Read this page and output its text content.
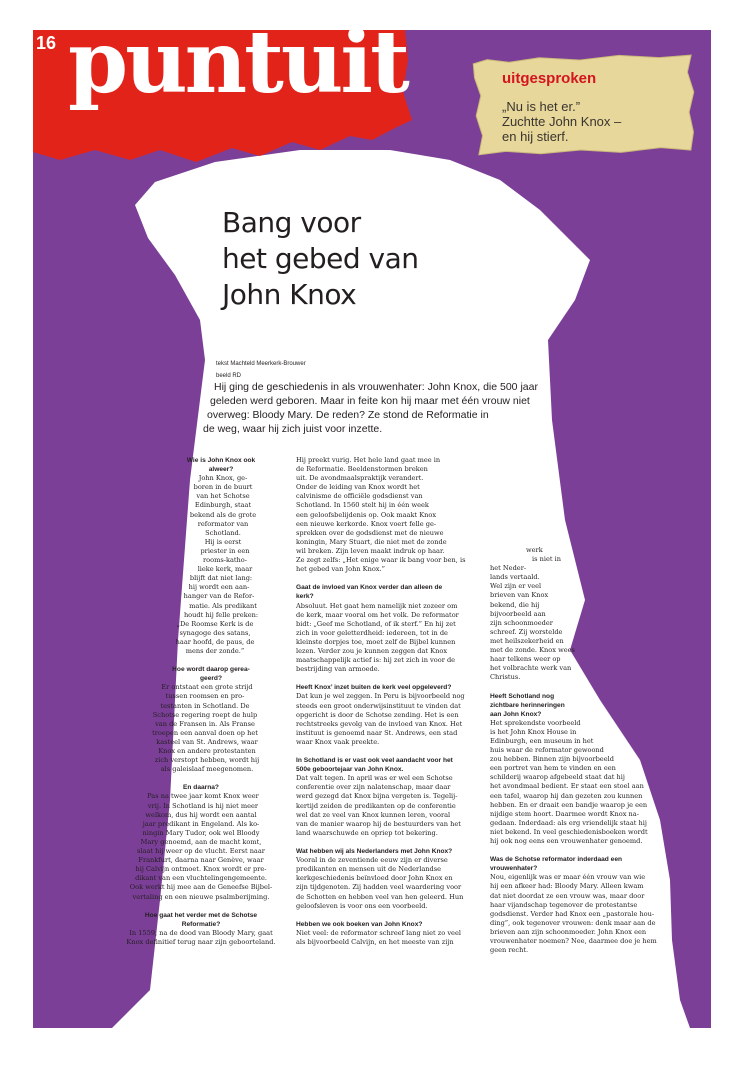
16 puntuit	uitgesproken
„Nu is het er.”
Zuchtte John Knox –
en hij stierf.
Bang voor
het gebed van
John Knox
tekst Machteld Meerkerk-Brouwer
beeld RD
Hij ging de geschiedenis in als vrouwenhater: John Knox, die 500 jaar
geleden werd geboren. Maar in feite kon hij maar met één vrouw niet
overweg: Bloody Mary. De reden? Ze stond de Reformatie in
de weg, waar hij zich juist voor inzette.
Wie is John Knox ook
alweer?
John Knox, ge-
boren in de buurt
van het Schotse
Edinburgh, staat
bekend als de grote
reformator van
Schotland.
Hij is eerst
priester in een
rooms-katho-
lieke kerk, maar
blijft dat niet lang:
hij wordt een aan-
hanger van de Refor-
matie. Als predikant
houdt hij felle preken:
„De Roomse Kerk is de
synagoge des satans,
haar hoofd, de paus, de
mens der zonde.”
Hoe wordt daarop gerea-
geerd?
Er ontstaat een grote strijd
tussen roomsen en pro-
testanten in Schotland. De
Schotse regering roept de hulp
van de Fransen in. Als Franse
troepen een aanval doen op het
kasteel van St. Andrews, waar
Knox en andere protestanten
zich verstopt hebben, wordt hij
als galeislaaf meegenomen.
En daarna?
Pas na twee jaar komt Knox weer
vrij. In Schotland is hij niet meer
welkom, dus hij wordt een aantal
jaar predikant in Engeland. Als ko-
ningin Mary Tudor, ook wel Bloody
Mary genoemd, aan de macht komt,
slaat hij weer op de vlucht. Eerst naar
Frankfurt, daarna naar Genève, waar
hij Calvijn ontmoet. Knox wordt er pre-
dikant van een vluchtelingengemeente.
Ook werkt hij mee aan de Geneefse Bijbel-
vertaling en een nieuwe psalmberijming.
Hoe gaat het verder met de Schotse
Reformatie?
In 1559, na de dood van Bloody Mary, gaat
Knox definitief terug naar zijn geboorteland.
Hij preekt vurig. Het hele land gaat mee in
de Reformatie. Beeldenstormen breken
uit. De avondmaalspraktijk verandert.
Onder de leiding van Knox wordt het
calvinisme de officiële godsdienst van
Schotland. In 1560 stelt hij in één week
een geloofsbelijdenis op. Ook maakt Knox
een nieuwe kerkorde. Knox voert felle ge-
sprekken over de godsdienst met de nieuwe
koningin, Mary Stuart, die niet met de zonde
wil breken. Zijn leven maakt indruk op haar.
Ze zegt zelfs: „Het enige waar ik bang voor ben, is
het gebed van John Knox.”
Gaat de invloed van Knox verder dan alleen de
kerk?
Absoluut. Het gaat hem namelijk niet zozeer om
de kerk, maar vooral om het volk. De reformator
bidt: „Geef me Schotland, of ik sterf.” En hij zet
zich in voor geletterdheid: iedereen, tot in de
kleinste dorpjes toe, moet zelf de Bijbel kunnen
lezen. Verder zou je kunnen zeggen dat Knox
maatschappelijk actief is: hij zet zich in voor de
bestrijding van armoede.
Heeft Knox’ inzet buiten de kerk veel opgeleverd?
Dat kun je wel zeggen. In Peru is bijvoorbeeld nog
steeds een groot onderwijsinstituut te vinden dat
opgericht is door de Schotse zending. Het is een
rechtstreeks gevolg van de invloed van Knox. Het
instituut is genoemd naar St. Andrews, een stad
waar Knox vaak preekte.
In Schotland is er vast ook veel aandacht voor het
500e geboortejaar van John Knox.
Dat valt tegen. In april was er wel een Schotse
conferentie over zijn nalatenschap, maar daar
werd gezegd dat Knox bijna vergeten is. Tegelij-
kertijd zeiden de predikanten op de conferentie
wel dat ze veel van Knox kunnen leren, vooral
van de manier waarop hij de bestuurders van het
land waarschuwde en opriep tot bekering.
Wat hebben wij als Nederlanders met John Knox?
Vooral in de zeventiende eeuw zijn er diverse
predikanten en mensen uit de Nederlandse
kerkgeschiedenis beïnvloed door John Knox en
zijn tijdgenoten. Zij hadden veel waardering voor
de Schotten en hebben veel van hen geleerd. Hun
geloofsleven is voor ons een voorbeeld.
Hebben we ook boeken van John Knox?
Niet veel: de reformator schreef lang niet zo veel
als bijvoorbeeld Calvijn, en het meeste van zijn
werk
is niet in
het Neder-
lands vertaald.
Wel zijn er veel
brieven van Knox
bekend, die hij
bijvoorbeeld aan
zijn schoonmoeder
schreef. Zij worstelde
met heilszekerheid en
met de zonde. Knox wees
haar telkens weer op
het volbrachte werk van
Christus.
Heeft Schotland nog
zichtbare herinneringen
aan John Knox?
Het sprekendste voorbeeld
is het John Knox House in
Edinburgh, een museum in het
huis waar de reformator gewoond
zou hebben. Binnen zijn bijvoorbeeld
een portret van hem te vinden en een
schilderij waarop afgebeeld staat dat hij
het avondmaal bedient. Er staat een stoel aan
een tafel, waarop hij dan gezeten zou kunnen
hebben. En er draait een bandje waarop je een
nijdige stem hoort. Daarmee wordt Knox na-
gedaan. Inderdaad: als erg vriendelijk staat hij
niet bekend. In veel geschiedenisboeken wordt
hij ook nog eens een vrouwenhater genoemd.
Was de Schotse reformator inderdaad een
vrouwenhater?
Nou, eigenlijk was er maar één vrouw van wie
hij een afkeer had: Bloody Mary. Alleen kwam
dat niet doordat ze een vrouw was, maar door
haar vijandschap tegenover de protestantse
godsdienst. Verder had Knox een „pastorale hou-
ding”, ook tegenover vrouwen: denk maar aan de
brieven aan zijn schoonmoeder. John Knox een
vrouwenhater noemen? Nee, daarmee doe je hem
geen recht.
